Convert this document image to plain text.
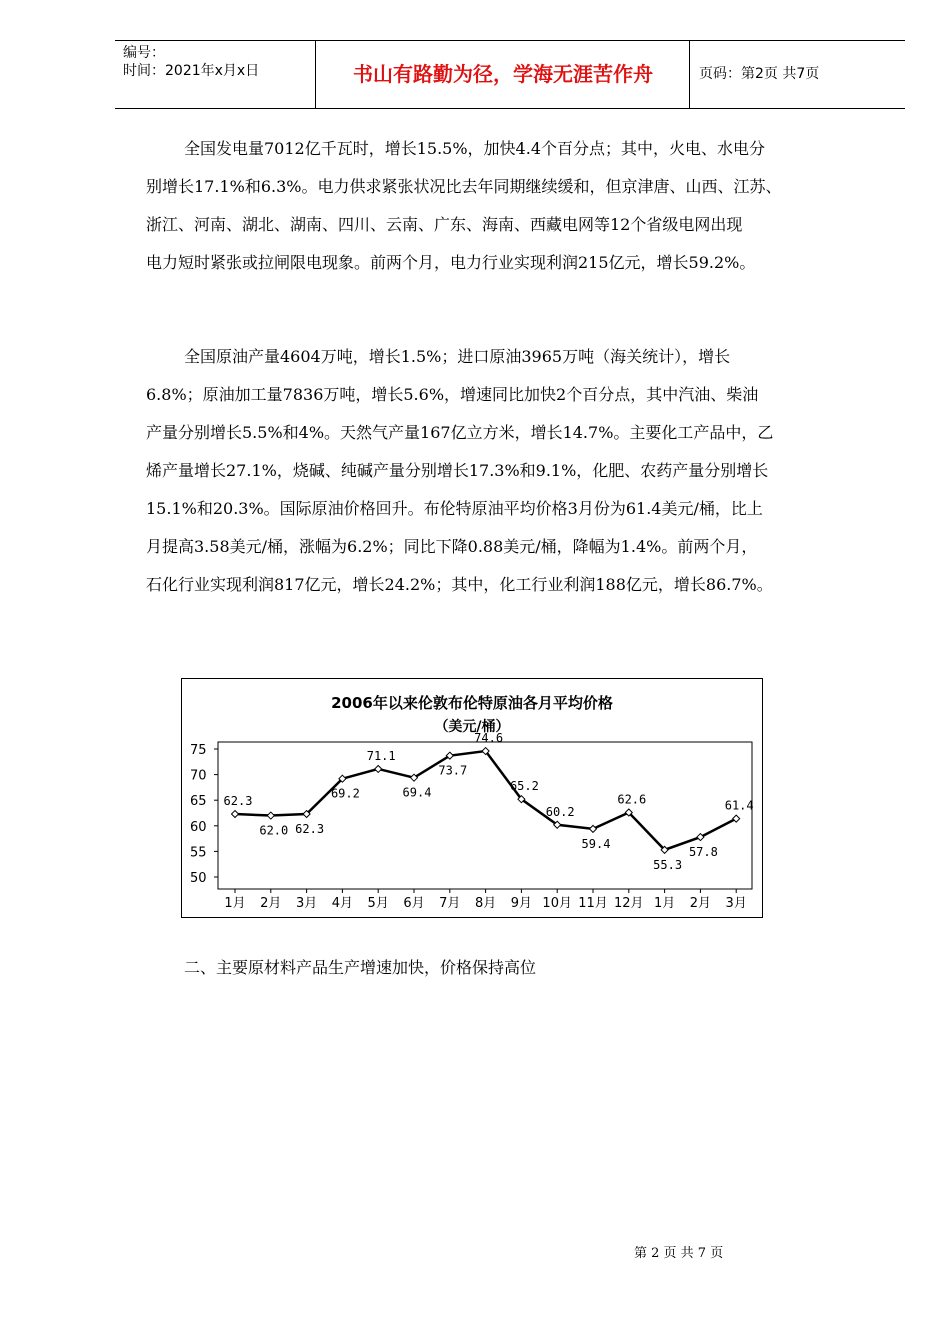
编号：
时间：2021年x月x日	书山有路勤为径，学海无涯苦作舟	页码：第2页 共7页
全国发电量7012亿千瓦时，增长15.5%，加快4.4个百分点；其中，火电、水电分
别增长17.1%和6.3%。电力供求紧张状况比去年同期继续缓和，但京津唐、山西、江苏、
浙江、河南、湖北、湖南、四川、云南、广东、海南、西藏电网等12个省级电网出现
电力短时紧张或拉闸限电现象。前两个月，电力行业实现利润215亿元，增长59.2%。
全国原油产量4604万吨，增长1.5%；进口原油3965万吨（海关统计），增长
6.8%；原油加工量7836万吨，增长5.6%，增速同比加快2个百分点，其中汽油、柴油
产量分别增长5.5%和4%。天然气产量167亿立方米，增长14.7%。主要化工产品中，乙
烯产量增长27.1%，烧碱、纯碱产量分别增长17.3%和9.1%，化肥、农药产量分别增长
15.1%和20.3%。国际原油价格回升。布伦特原油平均价格3月份为61.4美元/桶，比上
月提高3.58美元/桶，涨幅为6.2%；同比下降0.88美元/桶，降幅为1.4%。前两个月，
石化行业实现利润817亿元，增长24.2%；其中，化工行业利润188亿元，增长86.7%。
2006年以来伦敦布伦特原油各月平均价格
（美元/桶）
50
55
60
65
70
75
1月 2月 3月 4月 5月 6月 7月 8月 9月 10月 11月 12月 1月 2月 3月
62.3
62.0 62.3
69.2
71.1
69.4
73.7
74.6
65.2
60.2
59.4
62.6
55.3
57.8
61.4
二、主要原材料产品生产增速加快，价格保持高位
第 2 页 共 7 页
